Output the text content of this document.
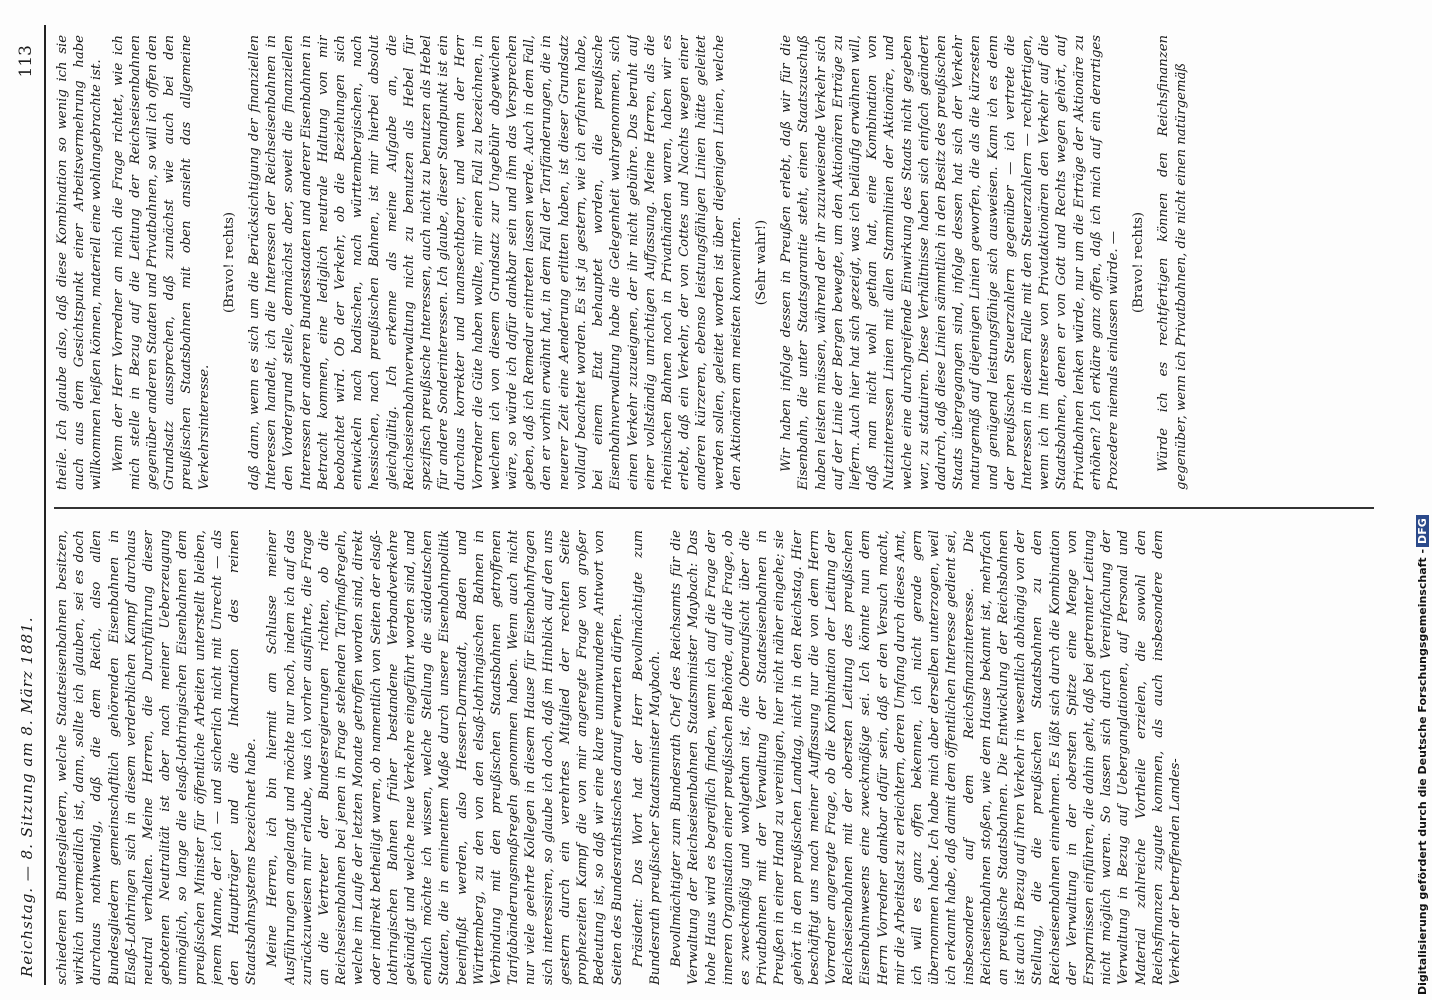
Reichstag. — 8. Sitzung am 8. März 1881.
113

schiedenen Bundesgliedern, welche Staatseisenbahnen besitzen, wirklich unvermeidlich ist, dann, sollte ich glauben, sei es doch durchaus nothwendig, daß die dem Reich, also allen Bundesgliedern gemeinschaftlich gehörenden Eisenbahnen in Elsaß-Lothringen sich in diesem verderblichen Kampf durchaus neutral verhalten. Meine Herren, die Durchführung dieser gebotenen Neutralität ist aber nach meiner Ueberzeugung unmöglich, so lange die elsaß-lothringischen Eisenbahnen dem preußischen Minister für öffentliche Arbeiten unterstellt bleiben, jenem Manne, der ich — und sicherlich nicht mit Unrecht — als den Hauptträger und die Inkarnation des reinen Staatsbahnsystems bezeichnet habe. Meine Herren, ich bin hiermit am Schlusse meiner Ausführungen angelangt und möchte nur noch, indem ich auf das zurückzuweisen mir erlaube, was ich vorher ausführte, die Frage an die Vertreter der Bundesregierungen richten, ob die Reichseisenbahnen bei jenen in Frage stehenden Tarifmaßregeln, welche im Laufe der letzten Monate getroffen worden sind, direkt oder indirekt betheiligt waren, ob namentlich von Seiten der elsaß-lothringischen Bahnen früher bestandene Verbandverkehre gekündigt und welche neue Verkehre eingeführt worden sind, und endlich möchte ich wissen, welche Stellung die süddeutschen Staaten, die in eminentem Maße durch unsere Eisenbahnpolitik beeinflußt werden, also Hessen-Darmstadt, Baden und Württemberg, zu den von den elsaß-lothringischen Bahnen in Verbindung mit den preußischen Staatsbahnen getroffenen Tarifabänderungsmaßregeln genommen haben. Wenn auch nicht nur viele geehrte Kollegen in diesem Hause für Eisenbahnfragen sich interessiren, so glaube ich doch, daß im Hinblick auf den uns gestern durch ein verehrtes Mitglied der rechten Seite prophezeiten Kampf die von mir angeregte Frage von großer Bedeutung ist, so daß wir eine klare unumwundene Antwort von Seiten des Bundesrathstisches darauf erwarten dürfen. Präsident: Das Wort hat der Herr Bevollmächtigte zum Bundesrath preußischer Staatsminister Maybach. Bevollmächtigter zum Bundesrath Chef des Reichsamts für die Verwaltung der Reichseisenbahnen Staatsminister Maybach: Das hohe Haus wird es begreiflich finden, wenn ich auf die Frage der inneren Organisation einer preußischen Behörde, auf die Frage, ob es zweckmäßig und wohlgethan ist, die Oberaufsicht über die Privatbahnen mit der Verwaltung der Staatseisenbahnen in Preußen in einer Hand zu vereinigen, hier nicht näher eingehe; sie gehört in den preußischen Landtag, nicht in den Reichstag. Hier beschäftigt uns nach meiner Auffassung nur die von dem Herrn Vorredner angeregte Frage, ob die Kombination der Leitung der Reichseisenbahnen mit der obersten Leitung des preußischen Eisenbahnwesens eine zweckmäßige sei. Ich könnte nun dem Herrn Vorredner dankbar dafür sein, daß er den Versuch macht, mir die Arbeitslast zu erleichtern, deren Umfang durch dieses Amt, ich will es ganz offen bekennen, ich nicht gerade gern übernommen habe. Ich habe mich aber derselben unterzogen, weil ich erkannt habe, daß damit dem öffentlichen Interesse gedient sei, insbesondere auf dem Reichsfinanzinteresse. Die Reichseisenbahnen stoßen, wie dem Hause bekannt ist, mehrfach an preußische Staatsbahnen. Die Entwicklung der Reichsbahnen ist auch in Bezug auf ihren Verkehr in wesentlich abhängig von der Stellung, die die preußischen Staatsbahnen zu den Reichseisenbahnen einnehmen. Es läßt sich durch die Kombination der Verwaltung in der obersten Spitze eine Menge von Ersparnissen einführen, die dahin geht, daß bei getrennter Leitung nicht möglich waren. So lassen sich durch Vereinfachung der Verwaltung in Bezug auf Ueberganglationen, auf Personal und Material zahlreiche Vortheile erzielen, die sowohl den Reichsfinanzen zugute kommen, als auch insbesondere dem Verkehr der betreffenden Landes-

theile. Ich glaube also, daß diese Kombination so wenig ich sie auch aus dem Gesichtspunkt einer Arbeitsvermehrung habe willkommen heißen können, materiell eine wohlangebrachte ist. Wenn der Herr Vorredner an mich die Frage richtet, wie ich mich stelle in Bezug auf die Leitung der Reichseisenbahnen gegenüber anderen Staaten und Privatbahnen, so will ich offen den Grundsatz aussprechen, daß zunächst wie auch bei den preußischen Staatsbahnen mit oben ansieht das allgemeine Verkehrsinteresse.

(Bravo! rechts) daß dann, wenn es sich um die Berücksichtigung der finanziellen Interessen handelt, ich die Interessen der Reichseisenbahnen in den Vordergrund stelle, demnächst aber, soweit die finanziellen Interessen der anderen Bundesstaaten und anderer Eisenbahnen in Betracht kommen, eine lediglich neutrale Haltung von mir beobachtet wird. Ob der Verkehr, ob die Beziehungen sich entwickeln nach badischen, nach württembergischen, nach hessischen, nach preußischen Bahnen, ist mir hierbei absolut gleichgültig. Ich erkenne als meine Aufgabe an, die Reichseisenbahnverwaltung nicht zu benutzen als Hebel für spezifisch preußische Interessen, auch nicht zu benutzen als Hebel für andere Sonderinteressen. Ich glaube, dieser Standpunkt ist ein durchaus korrekter und unansechtbarer, und wenn der Herr Vorredner die Güte haben wollte, mir einen Fall zu bezeichnen, in welchem ich von diesem Grundsatz zur Ungebühr abgewichen wäre, so würde ich dafür dankbar sein und ihm das Versprechen geben, daß ich Remedur eintreten lassen werde. Auch in dem Fall, den er vorhin erwähnt hat, in dem Fall der Tarifänderungen, die in neuerer Zeit eine Aenderung erlitten haben, ist dieser Grundsatz vollauf beachtet worden. Es ist ja gestern, wie ich erfahren habe, bei einem Etat behauptet worden, die preußische Eisenbahnverwaltung habe die Gelegenheit wahrgenommen, sich einen Verkehr zuzueignen, der ihr nicht gebühre. Das beruht auf einer vollständig unrichtigen Auffassung. Meine Herren, als die rheinischen Bahnen noch in Privathänden waren, haben wir es erlebt, daß ein Verkehr, der von Cottes und Nachts wegen einer anderen kürzeren, ebenso leistungsfähigen Linien hätte geleitet werden sollen, geleitet worden ist über diejenigen Linien, welche den Aktionären am meisten konvenirten. (Sehr wahr!) Wir haben infolge dessen in Preußen erlebt, daß wir für die Eisenbahn, die unter Staatsgarantie steht, einen Staatszuschuß haben leisten müssen, während der ihr zuzuweisende Verkehr sich auf der Linie der Bergen bewegte, um den Aktionären Erträge zu liefern. Auch hier hat sich gezeigt, was ich beiläufig erwähnen will, daß man nicht wohl gethan hat, eine Kombination von Nutzinteressen Linien mit allen Stammlinien der Aktionäre, und welche eine durchgreifende Einwirkung des Staats nicht gegeben war, zu statuiren. Diese Verhältnisse haben sich einfach geändert dadurch, daß diese Linien sämmtlich in den Besitz des preußischen Staats übergegangen sind, infolge dessen hat sich der Verkehr naturgemäß auf diejenigen Linien geworfen, die als die kürzesten und genügend leistungsfähige sich ausweisen. Kann ich es denn der preußischen Steuerzahlern gegenüber — ich vertrete die Interessen in diesem Falle mit den Steuerzahlern — rechtfertigen, wenn ich im Interesse von Privataktionären den Verkehr auf die Staatsbahnen, denen er von Gott und Rechts wegen gehört, auf Privatbahnen lenken würde, nur um die Erträge der Aktionäre zu erhöhen? Ich erkläre ganz offen, daß ich mich auf ein derartiges Prozedere niemals einlassen würde. — (Bravo! rechts) Würde ich es rechtfertigen können den Reichsfinanzen gegenüber, wenn ich Privatbahnen, die nicht einen natürgemäß

Digitalisierung gefördert durch die Deutsche Forschungsgemeinschaft -DFG
